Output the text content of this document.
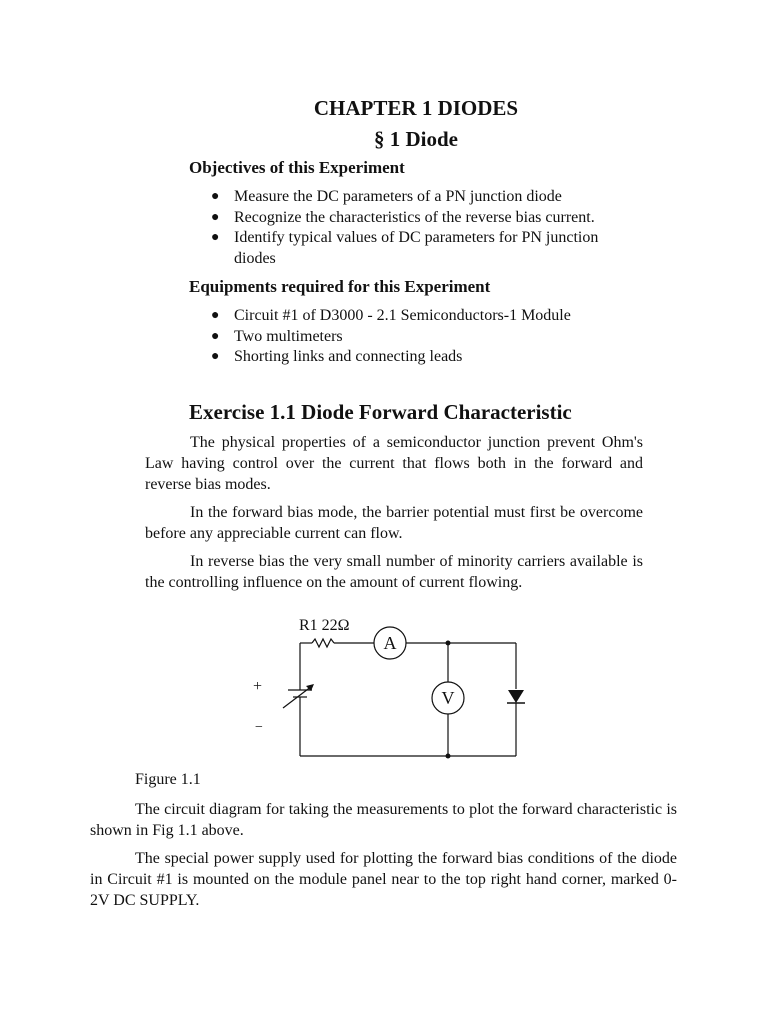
CHAPTER 1 DIODES
§ 1 Diode
Objectives of this Experiment
● Measure the DC parameters of a PN junction diode
● Recognize the characteristics of the reverse bias current.
● Identify typical values of DC parameters for PN junction
diodes
Equipments required for this Experiment
● Circuit #1 of D3000 - 2.1 Semiconductors-1 Module
● Two multimeters
● Shorting links and connecting leads
Exercise 1.1 Diode Forward Characteristic

The physical properties of a semiconductor junction prevent Ohm's Law having control over the current that flows both in the forward and reverse bias modes.

In the forward bias mode, the barrier potential must first be overcome before any appreciable current can flow.

In reverse bias the very small number of minority carriers available is the controlling influence on the amount of current flowing.

R1 22Ω
A
V
+
−
Figure 1.1

The circuit diagram for taking the measurements to plot the forward characteristic is shown in Fig 1.1 above.

The special power supply used for plotting the forward bias conditions of the diode in Circuit #1 is mounted on the module panel near to the top right hand corner, marked 0-2V DC SUPPLY.
